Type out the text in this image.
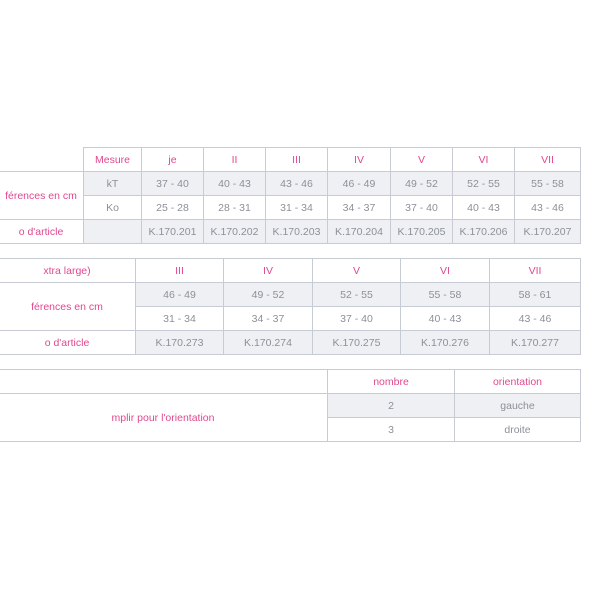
	Mesure	je	II	III	IV	V	VI	VII
férences en cm	kT	37 - 40	40 - 43	43 - 46	46 - 49	49 - 52	52 - 55	55 - 58
	Ko	25 - 28	28 - 31	31 - 34	34 - 37	37 - 40	40 - 43	43 - 46
o d'article		K.170.201	K.170.202	K.170.203	K.170.204	K.170.205	K.170.206	K.170.207
xtra large)	III	IV	V	VI	VII
férences en cm	46 - 49	49 - 52	52 - 55	55 - 58	58 - 61
	31 - 34	34 - 37	37 - 40	40 - 43	43 - 46
o d'article	K.170.273	K.170.274	K.170.275	K.170.276	K.170.277
	nombre	orientation
mplir pour l'orientation	2	gauche
	3	droite
